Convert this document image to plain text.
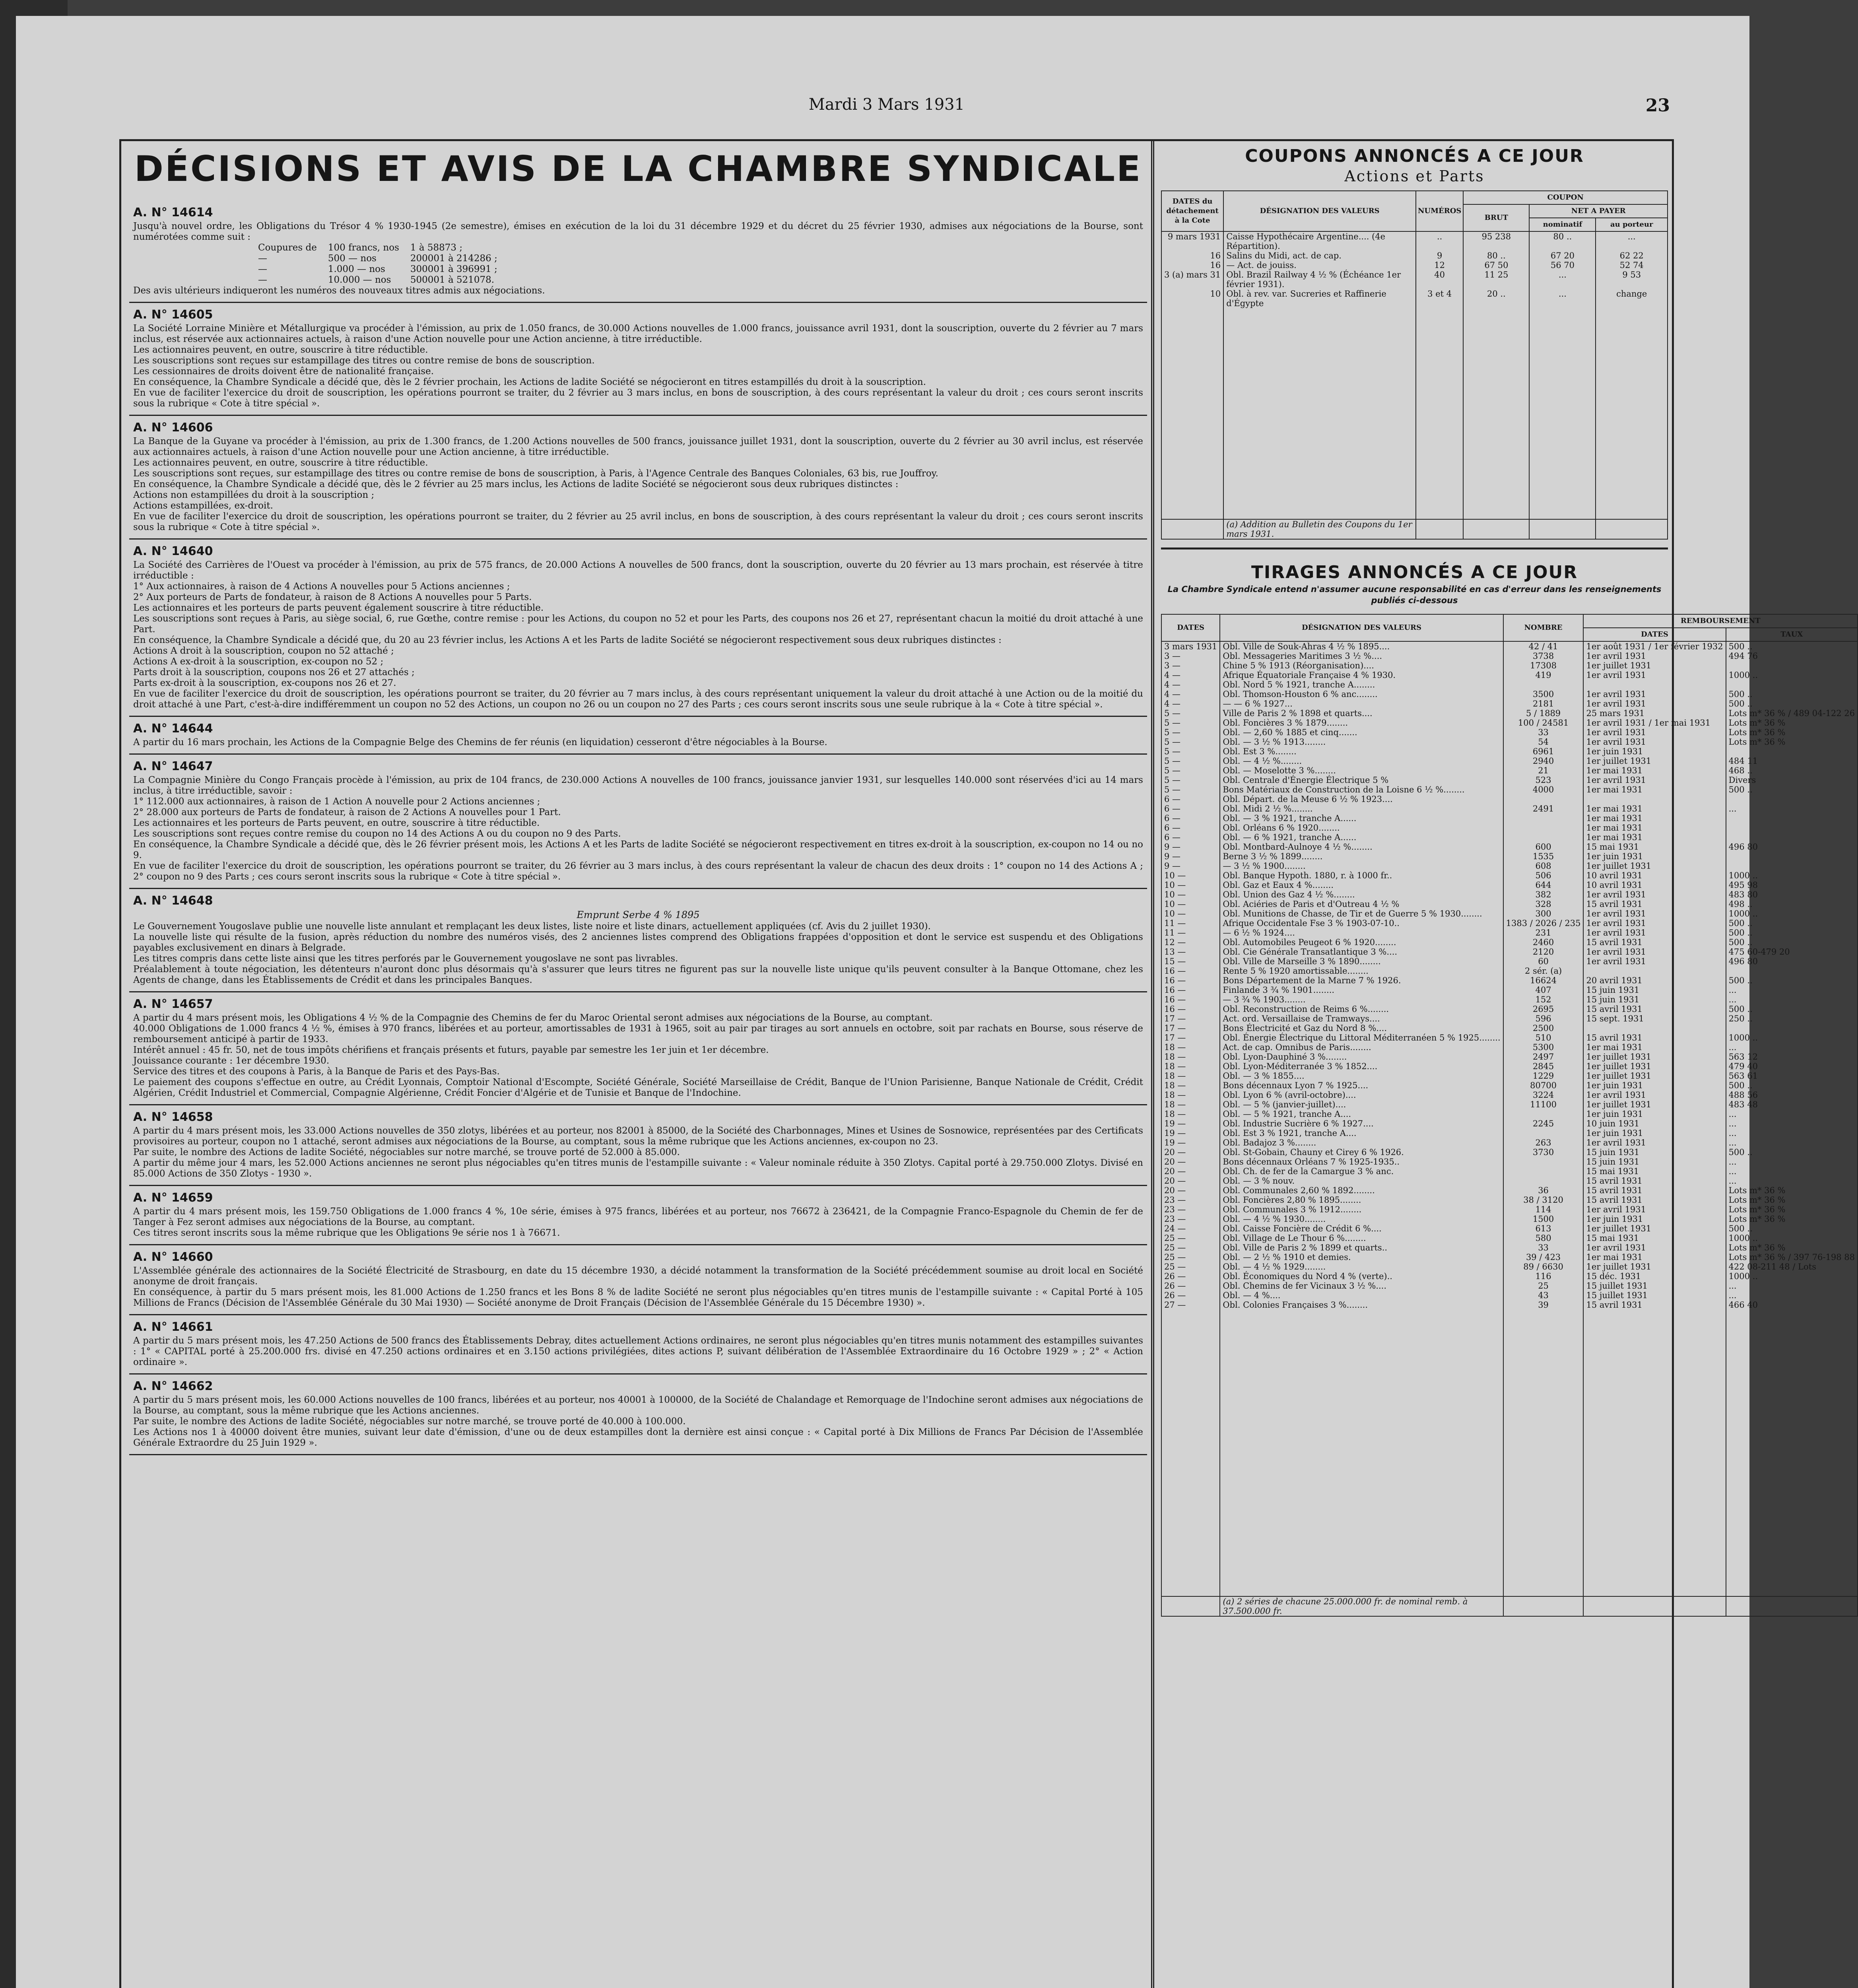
Mardi 3 Mars 1931	23
DÉCISIONS ET AVIS DE LA CHAMBRE SYNDICALE
A. N° 14614

Jusqu'à nouvel ordre, les Obligations du Trésor 4 % 1930-1945 (2e semestre), émises en exécution de la loi du 31 décembre 1929 et du décret du 25 février 1930, admises aux négociations de la Bourse, sont numérotées comme suit :

Coupures de	100 francs, nos	1 à 58873 ;
—	500 — nos	200001 à 214286 ;
—	1.000 — nos	300001 à 396991 ;
—	10.000 — nos	500001 à 521078.

Des avis ultérieurs indiqueront les numéros des nouveaux titres admis aux négociations.

A. N° 14605

La Société Lorraine Minière et Métallurgique va procéder à l'émission, au prix de 1.050 francs, de 30.000 Actions nouvelles de 1.000 francs, jouissance avril 1931, dont la souscription, ouverte du 2 février au 7 mars inclus, est réservée aux actionnaires actuels, à raison d'une Action nouvelle pour une Action ancienne, à titre irréductible.

Les actionnaires peuvent, en outre, souscrire à titre réductible.

Les souscriptions sont reçues sur estampillage des titres ou contre remise de bons de souscription.

Les cessionnaires de droits doivent être de nationalité française.

En conséquence, la Chambre Syndicale a décidé que, dès le 2 février prochain, les Actions de ladite Société se négocieront en titres estampillés du droit à la souscription.

En vue de faciliter l'exercice du droit de souscription, les opérations pourront se traiter, du 2 février au 3 mars inclus, en bons de souscription, à des cours représentant la valeur du droit ; ces cours seront inscrits sous la rubrique « Cote à titre spécial ».

A. N° 14606

La Banque de la Guyane va procéder à l'émission, au prix de 1.300 francs, de 1.200 Actions nouvelles de 500 francs, jouissance juillet 1931, dont la souscription, ouverte du 2 février au 30 avril inclus, est réservée aux actionnaires actuels, à raison d'une Action nouvelle pour une Action ancienne, à titre irréductible.

Les actionnaires peuvent, en outre, souscrire à titre réductible.

Les souscriptions sont reçues, sur estampillage des titres ou contre remise de bons de souscription, à Paris, à l'Agence Centrale des Banques Coloniales, 63 bis, rue Jouffroy.

En conséquence, la Chambre Syndicale a décidé que, dès le 2 février au 25 mars inclus, les Actions de ladite Société se négocieront sous deux rubriques distinctes :

Actions non estampillées du droit à la souscription ;

Actions estampillées, ex-droit.

En vue de faciliter l'exercice du droit de souscription, les opérations pourront se traiter, du 2 février au 25 avril inclus, en bons de souscription, à des cours représentant la valeur du droit ; ces cours seront inscrits sous la rubrique « Cote à titre spécial ».

A. N° 14640

La Société des Carrières de l'Ouest va procéder à l'émission, au prix de 575 francs, de 20.000 Actions A nouvelles de 500 francs, dont la souscription, ouverte du 20 février au 13 mars prochain, est réservée à titre irréductible :

1° Aux actionnaires, à raison de 4 Actions A nouvelles pour 5 Actions anciennes ;

2° Aux porteurs de Parts de fondateur, à raison de 8 Actions A nouvelles pour 5 Parts.

Les actionnaires et les porteurs de parts peuvent également souscrire à titre réductible.

Les souscriptions sont reçues à Paris, au siège social, 6, rue Gœthe, contre remise : pour les Actions, du coupon no 52 et pour les Parts, des coupons nos 26 et 27, représentant chacun la moitié du droit attaché à une Part.

En conséquence, la Chambre Syndicale a décidé que, du 20 au 23 février inclus, les Actions A et les Parts de ladite Société se négocieront respectivement sous deux rubriques distinctes :

Actions A droit à la souscription, coupon no 52 attaché ;

Actions A ex-droit à la souscription, ex-coupon no 52 ;

Parts droit à la souscription, coupons nos 26 et 27 attachés ;

Parts ex-droit à la souscription, ex-coupons nos 26 et 27.

En vue de faciliter l'exercice du droit de souscription, les opérations pourront se traiter, du 20 février au 7 mars inclus, à des cours représentant uniquement la valeur du droit attaché à une Action ou de la moitié du droit attaché à une Part, c'est-à-dire indifféremment un coupon no 52 des Actions, un coupon no 26 ou un coupon no 27 des Parts ; ces cours seront inscrits sous une seule rubrique à la « Cote à titre spécial ».

A. N° 14644

A partir du 16 mars prochain, les Actions de la Compagnie Belge des Chemins de fer réunis (en liquidation) cesseront d'être négociables à la Bourse.

A. N° 14647

La Compagnie Minière du Congo Français procède à l'émission, au prix de 104 francs, de 230.000 Actions A nouvelles de 100 francs, jouissance janvier 1931, sur lesquelles 140.000 sont réservées d'ici au 14 mars inclus, à titre irréductible, savoir :

1° 112.000 aux actionnaires, à raison de 1 Action A nouvelle pour 2 Actions anciennes ;

2° 28.000 aux porteurs de Parts de fondateur, à raison de 2 Actions A nouvelles pour 1 Part.

Les actionnaires et les porteurs de Parts peuvent, en outre, souscrire à titre réductible.

Les souscriptions sont reçues contre remise du coupon no 14 des Actions A ou du coupon no 9 des Parts.

En conséquence, la Chambre Syndicale a décidé que, dès le 26 février présent mois, les Actions A et les Parts de ladite Société se négocieront respectivement en titres ex-droit à la souscription, ex-coupon no 14 ou no 9.

En vue de faciliter l'exercice du droit de souscription, les opérations pourront se traiter, du 26 février au 3 mars inclus, à des cours représentant la valeur de chacun des deux droits : 1° coupon no 14 des Actions A ; 2° coupon no 9 des Parts ; ces cours seront inscrits sous la rubrique « Cote à titre spécial ».

A. N° 14648
Emprunt Serbe 4 % 1895

Le Gouvernement Yougoslave publie une nouvelle liste annulant et remplaçant les deux listes, liste noire et liste dinars, actuellement appliquées (cf. Avis du 2 juillet 1930).

La nouvelle liste qui résulte de la fusion, après réduction du nombre des numéros visés, des 2 anciennes listes comprend des Obligations frappées d'opposition et dont le service est suspendu et des Obligations payables exclusivement en dinars à Belgrade.

Les titres compris dans cette liste ainsi que les titres perforés par le Gouvernement yougoslave ne sont pas livrables.

Préalablement à toute négociation, les détenteurs n'auront donc plus désormais qu'à s'assurer que leurs titres ne figurent pas sur la nouvelle liste unique qu'ils peuvent consulter à la Banque Ottomane, chez les Agents de change, dans les Établissements de Crédit et dans les principales Banques.

A. N° 14657

A partir du 4 mars présent mois, les Obligations 4 ½ % de la Compagnie des Chemins de fer du Maroc Oriental seront admises aux négociations de la Bourse, au comptant.

40.000 Obligations de 1.000 francs 4 ½ %, émises à 970 francs, libérées et au porteur, amortissables de 1931 à 1965, soit au pair par tirages au sort annuels en octobre, soit par rachats en Bourse, sous réserve de remboursement anticipé à partir de 1933.

Intérêt annuel : 45 fr. 50, net de tous impôts chérifiens et français présents et futurs, payable par semestre les 1er juin et 1er décembre.

Jouissance courante : 1er décembre 1930.

Service des titres et des coupons à Paris, à la Banque de Paris et des Pays-Bas.

Le paiement des coupons s'effectue en outre, au Crédit Lyonnais, Comptoir National d'Escompte, Société Générale, Société Marseillaise de Crédit, Banque de l'Union Parisienne, Banque Nationale de Crédit, Crédit Algérien, Crédit Industriel et Commercial, Compagnie Algérienne, Crédit Foncier d'Algérie et de Tunisie et Banque de l'Indochine.

A. N° 14658

A partir du 4 mars présent mois, les 33.000 Actions nouvelles de 350 zlotys, libérées et au porteur, nos 82001 à 85000, de la Société des Charbonnages, Mines et Usines de Sosnowice, représentées par des Certificats provisoires au porteur, coupon no 1 attaché, seront admises aux négociations de la Bourse, au comptant, sous la même rubrique que les Actions anciennes, ex-coupon no 23.

Par suite, le nombre des Actions de ladite Société, négociables sur notre marché, se trouve porté de 52.000 à 85.000.

A partir du même jour 4 mars, les 52.000 Actions anciennes ne seront plus négociables qu'en titres munis de l'estampille suivante : « Valeur nominale réduite à 350 Zlotys. Capital porté à 29.750.000 Zlotys. Divisé en 85.000 Actions de 350 Zlotys - 1930 ».

A. N° 14659

A partir du 4 mars présent mois, les 159.750 Obligations de 1.000 francs 4 %, 10e série, émises à 975 francs, libérées et au porteur, nos 76672 à 236421, de la Compagnie Franco-Espagnole du Chemin de fer de Tanger à Fez seront admises aux négociations de la Bourse, au comptant.

Ces titres seront inscrits sous la même rubrique que les Obligations 9e série nos 1 à 76671.

A. N° 14660

L'Assemblée générale des actionnaires de la Société Électricité de Strasbourg, en date du 15 décembre 1930, a décidé notamment la transformation de la Société précédemment soumise au droit local en Société anonyme de droit français.

En conséquence, à partir du 5 mars présent mois, les 81.000 Actions de 1.250 francs et les Bons 8 % de ladite Société ne seront plus négociables qu'en titres munis de l'estampille suivante : « Capital Porté à 105 Millions de Francs (Décision de l'Assemblée Générale du 30 Mai 1930) — Société anonyme de Droit Français (Décision de l'Assemblée Générale du 15 Décembre 1930) ».

A. N° 14661

A partir du 5 mars présent mois, les 47.250 Actions de 500 francs des Établissements Debray, dites actuellement Actions ordinaires, ne seront plus négociables qu'en titres munis notamment des estampilles suivantes : 1° « CAPITAL porté à 25.200.000 frs. divisé en 47.250 actions ordinaires et en 3.150 actions privilégiées, dites actions P, suivant délibération de l'Assemblée Extraordinaire du 16 Octobre 1929 » ; 2° « Action ordinaire ».

A. N° 14662

A partir du 5 mars présent mois, les 60.000 Actions nouvelles de 100 francs, libérées et au porteur, nos 40001 à 100000, de la Société de Chalandage et Remorquage de l'Indochine seront admises aux négociations de la Bourse, au comptant, sous la même rubrique que les Actions anciennes.

Par suite, le nombre des Actions de ladite Société, négociables sur notre marché, se trouve porté de 40.000 à 100.000.

Les Actions nos 1 à 40000 doivent être munies, suivant leur date d'émission, d'une ou de deux estampilles dont la dernière est ainsi conçue : « Capital porté à Dix Millions de Francs Par Décision de l'Assemblée Générale Extraordre du 25 Juin 1929 ».

COUPONS ANNONCÉS A CE JOUR
Actions et Parts
DATES du détachement à la Cote	DÉSIGNATION DES VALEURS	NUMÉROS	COUPON		
			BRUT	NET A PAYER	
				nominatif	au porteur
9 mars 1931	Caisse Hypothécaire Argentine.... (4e Répartition).	..	95 238	80 ..	...
16	Salins du Midi, act. de cap.	9	80 ..	67 20	62 22
16	— Act. de jouiss.	12	67 50	56 70	52 74
3 (a) mars 31	Obl. Brazil Railway 4 ½ % (Échéance 1er février 1931).	40	11 25	...	9 53
10	Obl. à rev. var. Sucreries et Raffinerie d'Égypte	3 et 4	20 ..	...	change

	(a) Addition au Bulletin des Coupons du 1er mars 1931.				
TIRAGES ANNONCÉS A CE JOUR

La Chambre Syndicale entend n'assumer aucune responsabilité en cas d'erreur dans les renseignements publiés ci-dessous

DATES	DÉSIGNATION DES VALEURS	NOMBRE	REMBOURSEMENT	
			DATES	TAUX
3 mars 1931	Obl. Ville de Souk-Ahras 4 ½ % 1895....	42 / 41	1er août 1931 / 1er février 1932	500 ..
3 —	Obl. Messageries Maritimes 3 ½ %....	3738	1er avril 1931	494 76
3 —	Chine 5 % 1913 (Réorganisation)....	17308	1er juillet 1931	
4 —	Afrique Équatoriale Française 4 % 1930.	419	1er avril 1931	1000 ..
4 —	Obl. Nord 5 % 1921, tranche A........			
4 —	Obl. Thomson-Houston 6 % anc........	3500	1er avril 1931	500 ..
4 —	— — 6 % 1927...	2181	1er avril 1931	500 ..
5 —	Ville de Paris 2 % 1898 et quarts....	5 / 1889	25 mars 1931	Lots m* 36 % / 489 04-122 26
5 —	Obl. Foncières 3 % 1879........	100 / 24581	1er avril 1931 / 1er mai 1931	Lots m* 36 %
5 —	Obl. — 2,60 % 1885 et cinq.......	33	1er avril 1931	Lots m* 36 %
5 —	Obl. — 3 ½ % 1913........	54	1er avril 1931	Lots m* 36 %
5 —	Obl. Est 3 %........	6961	1er juin 1931	
5 —	Obl. — 4 ½ %........	2940	1er juillet 1931	484 11
5 —	Obl. — Moselotte 3 %........	21	1er mai 1931	468 ..
5 —	Obl. Centrale d'Énergie Électrique 5 %	523	1er avril 1931	Divers
5 —	Bons Matériaux de Construction de la Loisne 6 ½ %........	4000	1er mai 1931	500 ..
6 —	Obl. Départ. de la Meuse 6 ½ % 1923....			
6 —	Obl. Midi 2 ½ %........	2491	1er mai 1931	...
6 —	Obl. — 3 % 1921, tranche A......		1er mai 1931	
6 —	Obl. Orléans 6 % 1920........		1er mai 1931	
6 —	Obl. — 6 % 1921, tranche A......		1er mai 1931	
9 —	Obl. Montbard-Aulnoye 4 ½ %........	600	15 mai 1931	496 80
9 —	Berne 3 ½ % 1899........	1535	1er juin 1931	
9 —	— 3 ½ % 1900........	608	1er juillet 1931	
10 —	Obl. Banque Hypoth. 1880, r. à 1000 fr..	506	10 avril 1931	1000 ..
10 —	Obl. Gaz et Eaux 4 %........	644	10 avril 1931	495 98
10 —	Obl. Union des Gaz 4 ½ %........	382	1er avril 1931	483 80
10 —	Obl. Aciéries de Paris et d'Outreau 4 ½ %	328	15 avril 1931	498 ..
10 —	Obl. Munitions de Chasse, de Tir et de Guerre 5 % 1930........	300	1er avril 1931	1000 ..
11 —	Afrique Occidentale Fse 3 % 1903-07-10..	1383 / 2026 / 235	1er avril 1931	500 ..
11 —	— 6 ½ % 1924....	231	1er avril 1931	500 ..
12 —	Obl. Automobiles Peugeot 6 % 1920........	2460	15 avril 1931	500 ..
13 —	Obl. Cie Générale Transatlantique 3 %....	2120	1er avril 1931	475 60-479 20
15 —	Obl. Ville de Marseille 3 % 1890........	60	1er avril 1931	496 80
16 —	Rente 5 % 1920 amortissable........	2 sér. (a)		
16 —	Bons Département de la Marne 7 % 1926.	16624	20 avril 1931	500 ..
16 —	Finlande 3 ¾ % 1901........	407	15 juin 1931	...
16 —	— 3 ¾ % 1903........	152	15 juin 1931	...
16 —	Obl. Reconstruction de Reims 6 %........	2695	15 avril 1931	500 ..
17 —	Act. ord. Versaillaise de Tramways....	596	15 sept. 1931	250 ..
17 —	Bons Électricité et Gaz du Nord 8 %....	2500		
17 —	Obl. Énergie Électrique du Littoral Méditerranéen 5 % 1925........	510	15 avril 1931	1000 ..
18 —	Act. de cap. Omnibus de Paris........	5300	1er mai 1931	...
18 —	Obl. Lyon-Dauphiné 3 %........	2497	1er juillet 1931	563 12
18 —	Obl. Lyon-Méditerranée 3 % 1852....	2845	1er juillet 1931	479 40
18 —	Obl. — 3 % 1855....	1229	1er juillet 1931	563 61
18 —	Bons décennaux Lyon 7 % 1925....	80700	1er juin 1931	500 ..
18 —	Obl. Lyon 6 % (avril-octobre)....	3224	1er avril 1931	488 56
18 —	Obl. — 5 % (janvier-juillet)....	11100	1er juillet 1931	483 48
18 —	Obl. — 5 % 1921, tranche A....		1er juin 1931	...
19 —	Obl. Industrie Sucrière 6 % 1927....	2245	10 juin 1931	...
19 —	Obl. Est 3 % 1921, tranche A....		1er juin 1931	...
19 —	Obl. Badajoz 3 %........	263	1er avril 1931	...
20 —	Obl. St-Gobain, Chauny et Cirey 6 % 1926.	3730	15 juin 1931	500 ..
20 —	Bons décennaux Orléans 7 % 1925-1935..		15 juin 1931	...
20 —	Obl. Ch. de fer de la Camargue 3 % anc.		15 mai 1931	...
20 —	Obl. — 3 % nouv.		15 avril 1931	...
20 —	Obl. Communales 2,60 % 1892........	36	15 avril 1931	Lots m* 36 %
23 —	Obl. Foncières 2,80 % 1895........	38 / 3120	15 avril 1931	Lots m* 36 %
23 —	Obl. Communales 3 % 1912........	114	1er avril 1931	Lots m* 36 %
23 —	Obl. — 4 ½ % 1930........	1500	1er juin 1931	Lots m* 36 %
24 —	Obl. Caisse Foncière de Crédit 6 %....	613	1er juillet 1931	500 ..
25 —	Obl. Village de Le Thour 6 %........	580	15 mai 1931	1000 ..
25 —	Obl. Ville de Paris 2 % 1899 et quarts..	33	1er avril 1931	Lots m* 36 %
25 —	Obl. — 2 ½ % 1910 et demies.	39 / 423	1er mai 1931	Lots m* 36 % / 397 76-198 88
25 —	Obl. — 4 ½ % 1929........	89 / 6630	1er juillet 1931	422 08-211 48 / Lots
26 —	Obl. Économiques du Nord 4 % (verte)..	116	15 déc. 1931	1000 ..
26 —	Obl. Chemins de fer Vicinaux 3 ½ %....	25	15 juillet 1931	...
26 —	Obl. — 4 %....	43	15 juillet 1931	...
27 —	Obl. Colonies Françaises 3 %........	39	15 avril 1931	466 40

	(a) 2 séries de chacune 25.000.000 fr. de nominal remb. à 37.500.000 fr.			
